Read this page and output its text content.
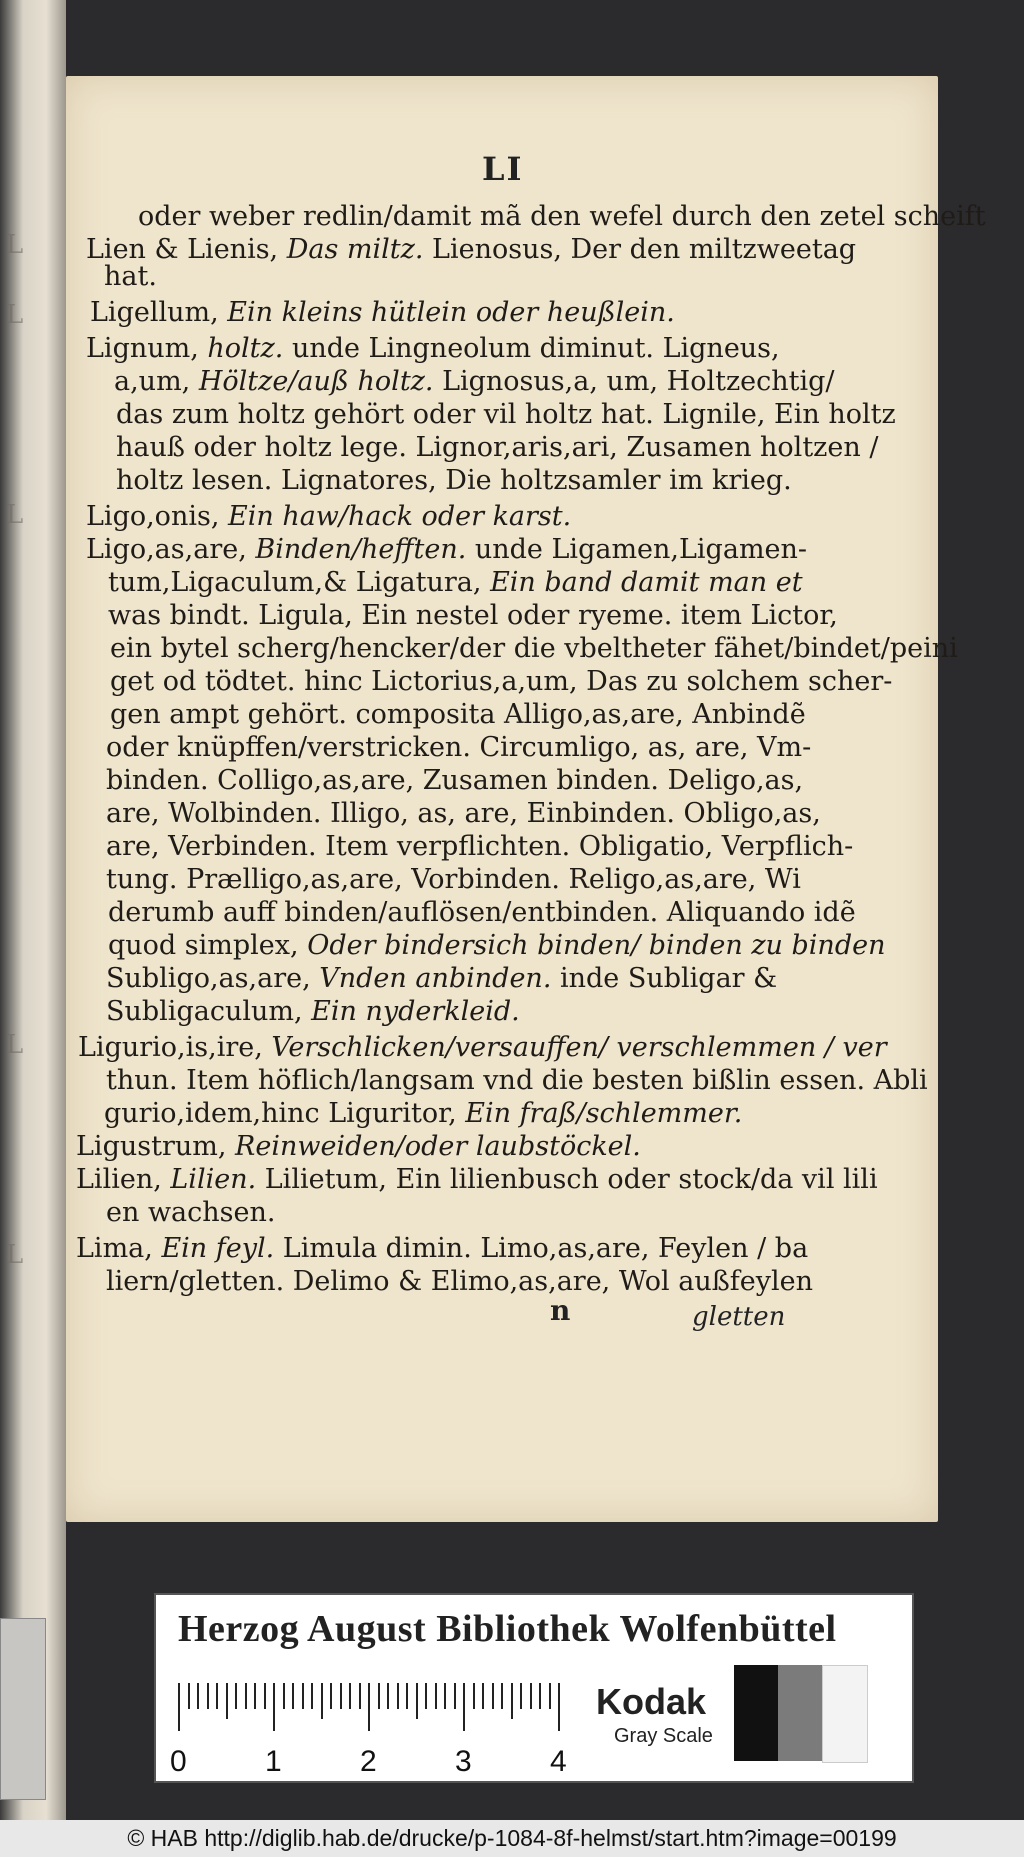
L
L
L
L
L
LI
oder weber redlin/damit mã den wefel durch den zetel scheift
Lien & Lienis, Das miltz. Lienosus, Der den miltzweetag
hat.
Ligellum, Ein kleins hütlein oder heußlein.
Lignum, holtz. unde Lingneolum diminut. Ligneus,
a,um, Höltze/auß holtz. Lignosus,a, um, Holtzechtig/
das zum holtz gehört oder vil holtz hat. Lignile, Ein holtz
hauß oder holtz lege. Lignor,aris,ari, Zusamen holtzen /
holtz lesen. Lignatores, Die holtzsamler im krieg.
Ligo,onis, Ein haw/hack oder karst.
Ligo,as,are, Binden/hefften. unde Ligamen,Ligamen-
tum,Ligaculum,& Ligatura, Ein band damit man et
was bindt. Ligula, Ein nestel oder ryeme. item Lictor,
ein bytel scherg/hencker/der die vbeltheter fähet/bindet/peini
get od tödtet. hinc Lictorius,a,um, Das zu solchem scher-
gen ampt gehört. composita Alligo,as,are, Anbindẽ
oder knüpffen/verstricken. Circumligo, as, are, Vm-
binden. Colligo,as,are, Zusamen binden. Deligo,as,
are, Wolbinden. Illigo, as, are, Einbinden. Obligo,as,
are, Verbinden. Item verpflichten. Obligatio, Verpflich-
tung. Prælligo,as,are, Vorbinden. Religo,as,are, Wi
derumb auff binden/auflösen/entbinden. Aliquando idẽ
quod simplex, Oder bindersich binden/ binden zu binden
Subligo,as,are, Vnden anbinden. inde Subligar &
Subligaculum, Ein nyderkleid.
Ligurio,is,ire, Verschlicken/versauffen/ verschlemmen / ver
thun. Item höflich/langsam vnd die besten bißlin essen. Abli
gurio,idem,hinc Liguritor, Ein fraß/schlemmer.
Ligustrum, Reinweiden/oder laubstöckel.
Lilien, Lilien. Lilietum, Ein lilienbusch oder stock/da vil lili
en wachsen.
Lima, Ein feyl. Limula dimin. Limo,as,are, Feylen / ba
liern/gletten. Delimo & Elimo,as,are, Wol außfeylen
n	gletten
Herzog August Bibliothek Wolfenbüttel
0	1	2	3	4
Kodak
Gray Scale
© HAB http://diglib.hab.de/drucke/p-1084-8f-helmst/start.htm?image=00199
